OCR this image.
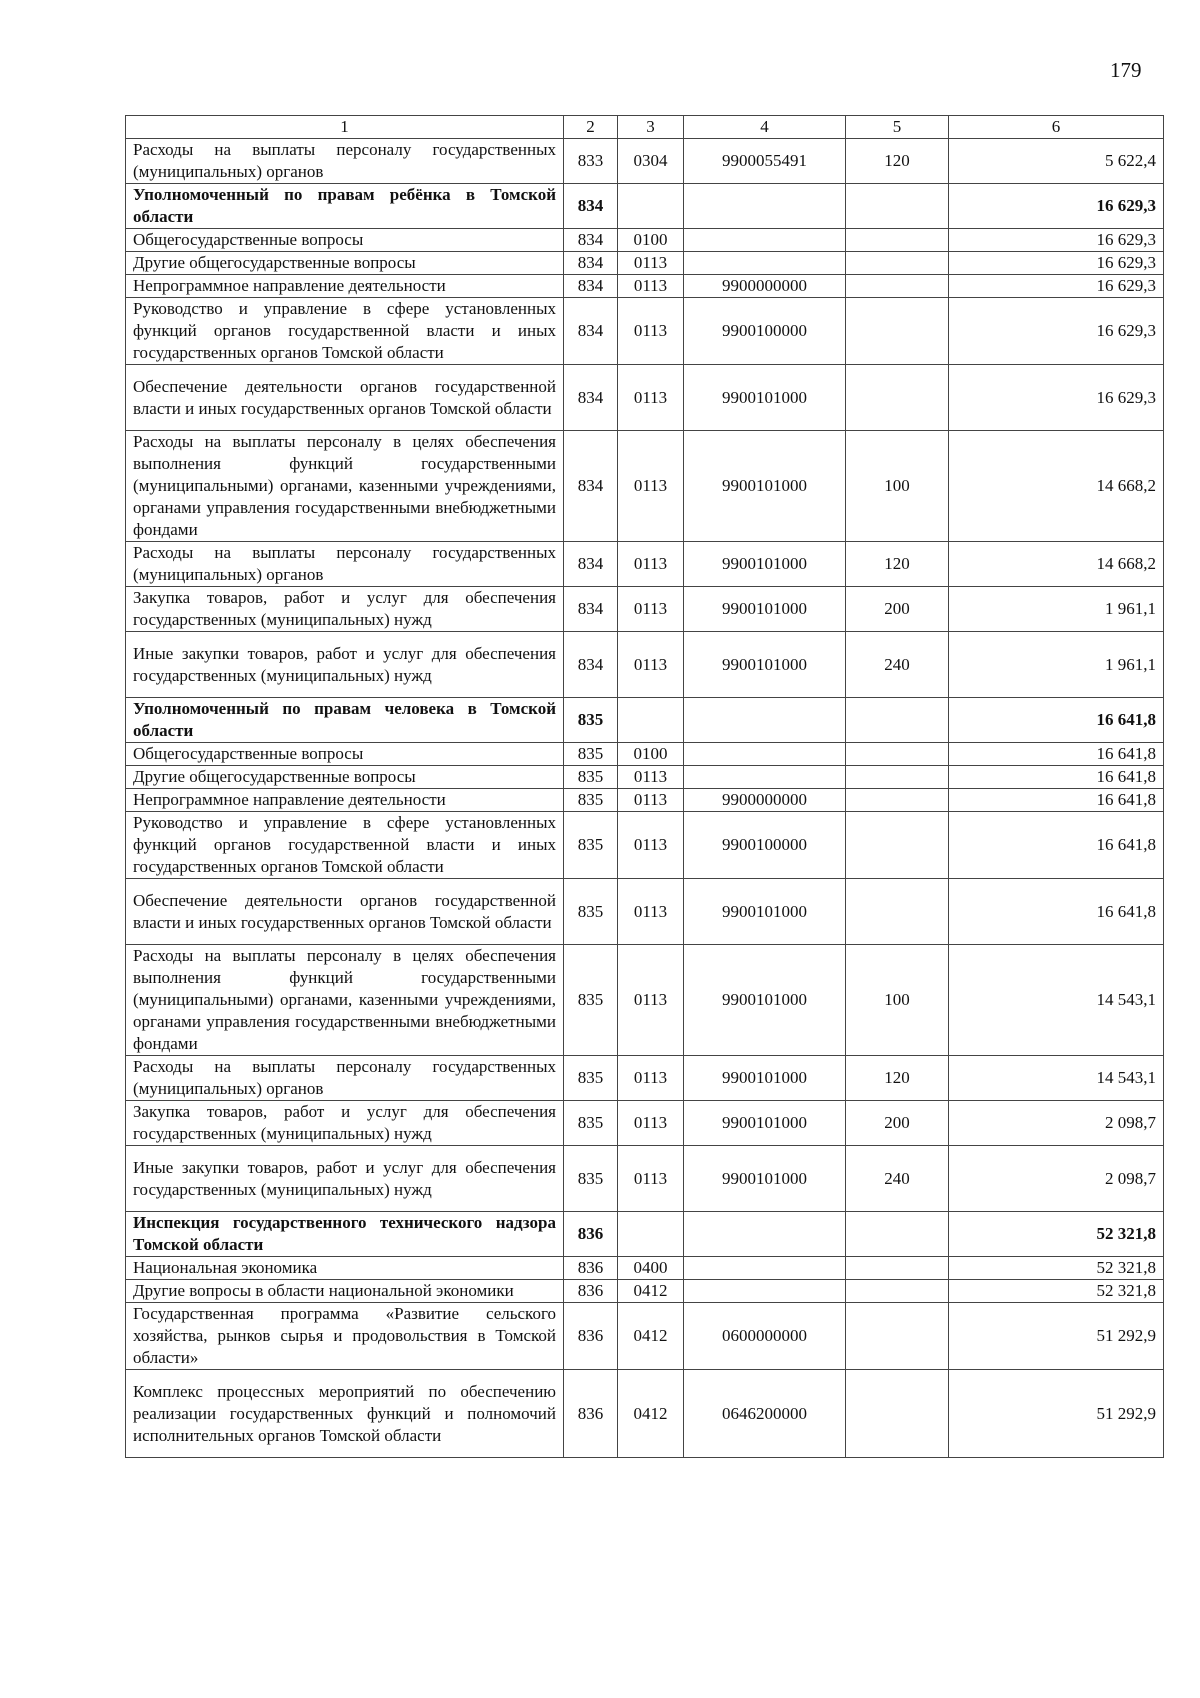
179
1	2	3	4	5	6
Расходы на выплаты персоналу государственных (муниципальных) органов	833	0304	9900055491	120	5 622,4
Уполномоченный по правам ребёнка в Томской области	834				16 629,3
Общегосударственные вопросы	834	0100			16 629,3
Другие общегосударственные вопросы	834	0113			16 629,3
Непрограммное направление деятельности	834	0113	9900000000		16 629,3
Руководство и управление в сфере установленных функций органов государственной власти и иных государственных органов Томской области	834	0113	9900100000		16 629,3
Обеспечение деятельности органов государственной власти и иных государственных органов Томской области	834	0113	9900101000		16 629,3
Расходы на выплаты персоналу в целях обеспечения выполнения функций государственными (муниципальными) органами, казенными учреждениями, органами управления государственными внебюджетными фондами	834	0113	9900101000	100	14 668,2
Расходы на выплаты персоналу государственных (муниципальных) органов	834	0113	9900101000	120	14 668,2
Закупка товаров, работ и услуг для обеспечения государственных (муниципальных) нужд	834	0113	9900101000	200	1 961,1
Иные закупки товаров, работ и услуг для обеспечения государственных (муниципальных) нужд	834	0113	9900101000	240	1 961,1
Уполномоченный по правам человека в Томской области	835				16 641,8
Общегосударственные вопросы	835	0100			16 641,8
Другие общегосударственные вопросы	835	0113			16 641,8
Непрограммное направление деятельности	835	0113	9900000000		16 641,8
Руководство и управление в сфере установленных функций органов государственной власти и иных государственных органов Томской области	835	0113	9900100000		16 641,8
Обеспечение деятельности органов государственной власти и иных государственных органов Томской области	835	0113	9900101000		16 641,8
Расходы на выплаты персоналу в целях обеспечения выполнения функций государственными (муниципальными) органами, казенными учреждениями, органами управления государственными внебюджетными фондами	835	0113	9900101000	100	14 543,1
Расходы на выплаты персоналу государственных (муниципальных) органов	835	0113	9900101000	120	14 543,1
Закупка товаров, работ и услуг для обеспечения государственных (муниципальных) нужд	835	0113	9900101000	200	2 098,7
Иные закупки товаров, работ и услуг для обеспечения государственных (муниципальных) нужд	835	0113	9900101000	240	2 098,7
Инспекция государственного технического надзора Томской области	836				52 321,8
Национальная экономика	836	0400			52 321,8
Другие вопросы в области национальной экономики	836	0412			52 321,8
Государственная программа «Развитие сельского хозяйства, рынков сырья и продовольствия в Томской области»	836	0412	0600000000		51 292,9
Комплекс процессных мероприятий по обеспечению реализации государственных функций и полномочий исполнительных органов Томской области	836	0412	0646200000		51 292,9
